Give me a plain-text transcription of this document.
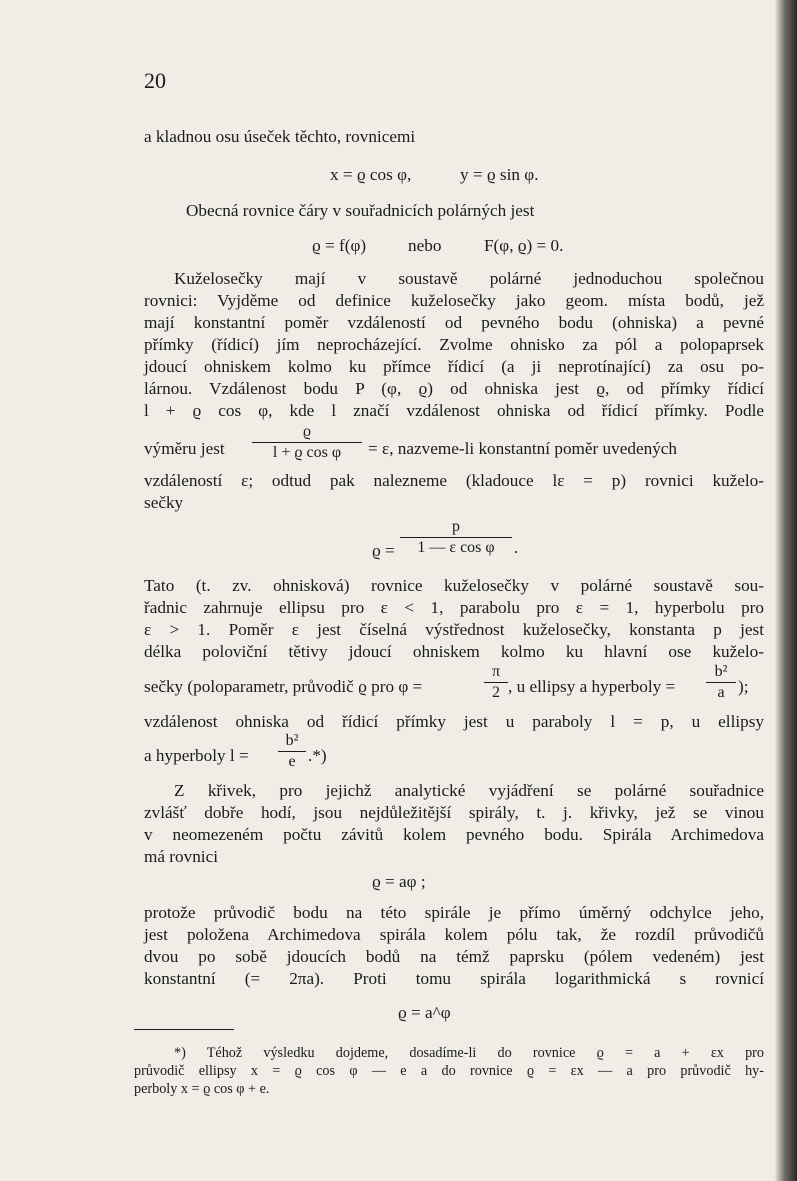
20
a kladnou osu úseček těchto, rovnicemi
x = ϱ cos φ,	y = ϱ sin φ.
Obecná rovnice čáry v souřadnicích polárných jest
ϱ = f(φ) nebo F(φ, ϱ) = 0.
Kuželosečky mají v soustavě polárné jednoduchou společnou
rovnici: Vyjděme od definice kuželosečky jako geom. místa bodů, jež
mají konstantní poměr vzdáleností od pevného bodu (ohniska) a pevné
přímky (řídicí) jím neprocházející. Zvolme ohnisko za pól a polopaprsek
jdoucí ohniskem kolmo ku přímce řídicí (a ji neprotínající) za osu po-
lárnou. Vzdálenost bodu P (φ, ϱ) od ohniska jest ϱ, od přímky řídicí
l + ϱ cos φ, kde l značí vzdálenost ohniska od řídicí přímky. Podle
výměru jest $\frac{ϱ}{\text{l + ϱ cos φ}} = \varepsilon$, nazveme-li konstantní poměr uvedených
vzdáleností ε; odtud pak nalezneme (kladouce lε = p) rovnici kuželo-
sečky
$ϱ = \frac{p}{\text{1 — ε cos φ}}$ .
Tato (t. zv. ohnisková) rovnice kuželosečky v polárné soustavě sou-
řadnic zahrnuje ellipsu pro ε < 1, parabolu pro ε = 1, hyperbolu pro
ε > 1. Poměr ε jest číselná výstřednost kuželosečky, konstanta p jest
délka poloviční tětivy jdoucí ohniskem kolmo ku hlavní ose kuželo-
sečky (poloparametr, průvodič ϱ pro φ =	$\frac{\pi}{2}$ , u ellipsy a hyperboly = $\frac{\text{b²}}{a}$ );
vzdálenost ohniska od řídicí přímky jest u paraboly l = p, u ellipsy
a hyperboly $l = \frac{\text{b²}}{e}$ .*)
Z křivek, pro jejichž analytické vyjádření se polárné souřadnice
zvlášť dobře hodí, jsou nejdůležitější spirály, t. j. křivky, jež se vinou
v neomezeném počtu závitů kolem pevného bodu. Spirála Archimedova
má rovnici
ϱ = aφ ;
protože průvodič bodu na této spirále je přímo úměrný odchylce jeho,
jest položena Archimedova spirála kolem pólu tak, že rozdíl průvodičů
dvou po sobě jdoucích bodů na témž paprsku (pólem vedeném) jest
konstantní (= 2πa). Proti tomu spirála logarithmická s rovnicí
ϱ = a^φ
*) Téhož výsledku dojdeme, dosadíme-li do rovnice ϱ = a + εx pro
průvodič ellipsy x = ϱ cos φ — e a do rovnice ϱ = εx — a pro průvodič hy-
perboly x = ϱ cos φ + e.
